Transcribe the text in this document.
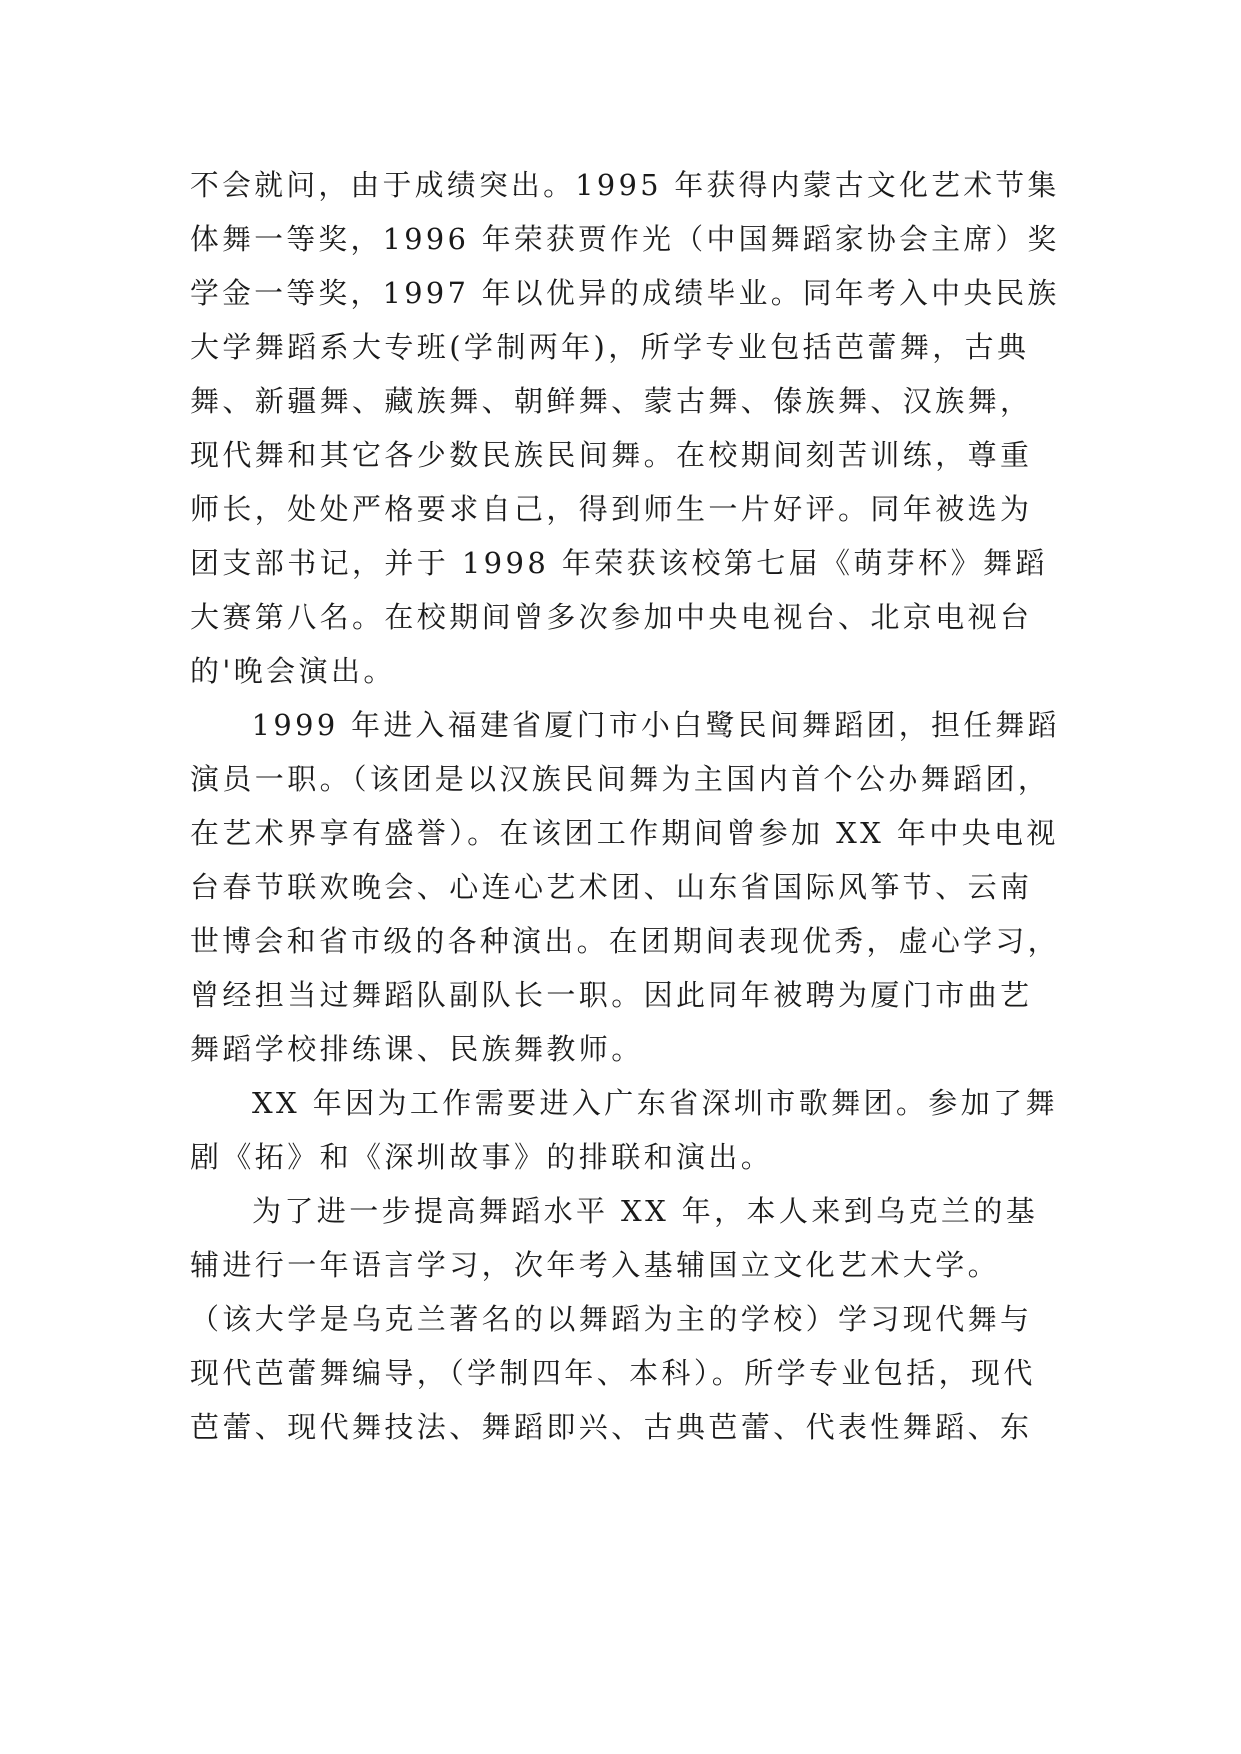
不会就问，由于成绩突出。1995 年获得内蒙古文化艺术节集
体舞一等奖，1996 年荣获贾作光（中国舞蹈家协会主席）奖
学金一等奖，1997 年以优异的成绩毕业。同年考入中央民族
大学舞蹈系大专班(学制两年)，所学专业包括芭蕾舞，古典
舞、新疆舞、藏族舞、朝鲜舞、蒙古舞、傣族舞、汉族舞，
现代舞和其它各少数民族民间舞。在校期间刻苦训练，尊重
师长，处处严格要求自己，得到师生一片好评。同年被选为
团支部书记，并于 1998 年荣获该校第七届《萌芽杯》舞蹈
大赛第八名。在校期间曾多次参加中央电视台、北京电视台
的'晚会演出。
1999 年进入福建省厦门市小白鹭民间舞蹈团，担任舞蹈
演员一职。（该团是以汉族民间舞为主国内首个公办舞蹈团，
在艺术界享有盛誉）。在该团工作期间曾参加 XX 年中央电视
台春节联欢晚会、心连心艺术团、山东省国际风筝节、云南
世博会和省市级的各种演出。在团期间表现优秀，虚心学习，
曾经担当过舞蹈队副队长一职。因此同年被聘为厦门市曲艺
舞蹈学校排练课、民族舞教师。
XX 年因为工作需要进入广东省深圳市歌舞团。参加了舞
剧《拓》和《深圳故事》的排联和演出。
为了进一步提高舞蹈水平 XX 年，本人来到乌克兰的基
辅进行一年语言学习，次年考入基辅国立文化艺术大学。
（该大学是乌克兰著名的以舞蹈为主的学校）学习现代舞与
现代芭蕾舞编导，（学制四年、本科）。所学专业包括，现代
芭蕾、现代舞技法、舞蹈即兴、古典芭蕾、代表性舞蹈、东
